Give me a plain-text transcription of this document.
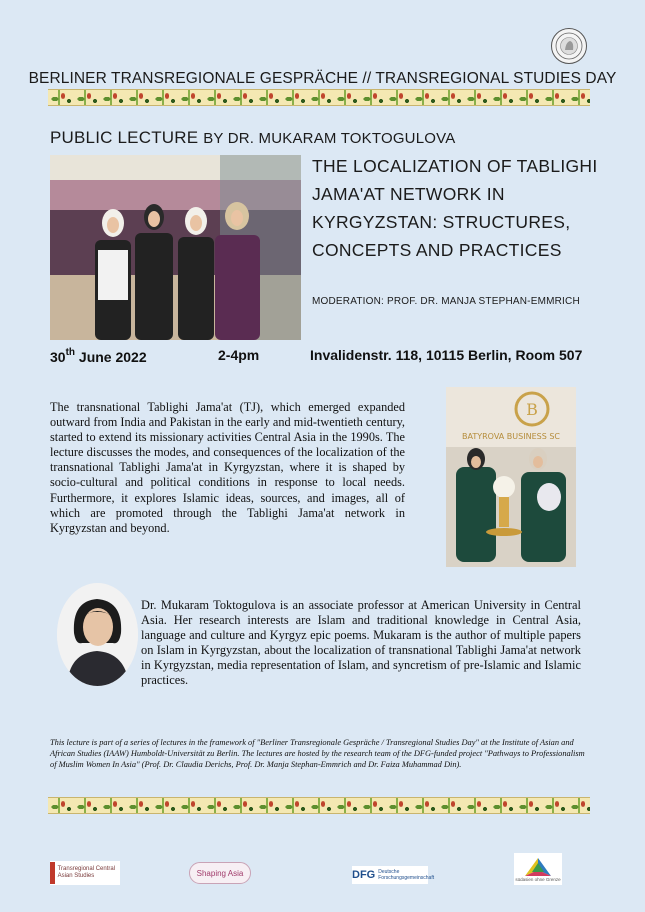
BERLINER TRANSREGIONALE GESPRÄCHE // TRANSREGIONAL STUDIES DAY
PUBLIC LECTURE BY DR. MUKARAM TOKTOGULOVA
THE LOCALIZATION OF TABLIGHI
JAMA'AT NETWORK IN
KYRGYZSTAN: STRUCTURES,
CONCEPTS AND PRACTICES
MODERATION: PROF. DR. MANJA STEPHAN-EMMRICH
30th June 2022	2-4pm	Invalidenstr. 118, 10115 Berlin, Room 507

The transnational Tablighi Jama'at (TJ), which emerged expanded outward from India and Pakistan in the early and mid-twentieth century, started to extend its missionary activities Central Asia in the 1990s. The lecture discusses the modes, and consequences of the localization of the transnational Tablighi Jama'at in Kyrgyzstan, where it is shaped by socio-cultural and political conditions in response to local needs. Furthermore, it explores Islamic ideas, sources, and images, all of which are promoted through the Tablighi Jama'at network in Kyrgyzstan and beyond.

B
BATYROVA BUSINESS SC

Dr. Mukaram Toktogulova is an associate professor at American University in Central Asia. Her research interests are Islam and traditional knowledge in Central Asia, language and culture and Kyrgyz epic poems. Mukaram is the author of multiple papers on Islam in Kyrgyzstan, about the localization of transnational Tablighi Jama'at network in Kyrgyzstan, media representation of Islam, and syncretism of pre-Islamic and Islamic practices.

This lecture is part of a series of lectures in the framework of "Berliner Transregionale Gespräche / Transregional Studies Day" at the Institute of Asian and African Studies (IAAW) Humboldt-Universität zu Berlin. The lectures are hosted by the research team of the DFG-funded project "Pathways to Professionalism of Muslim Women In Asia" (Prof. Dr. Claudia Derichs, Prof. Dr. Manja Stephan-Emmrich and Dr. Faiza Muhammad Din).

Transregional Central Asian Studies	Shaping Asia	DFG Deutsche Forschungsgemeinschaft	südasien ohne Grenze
